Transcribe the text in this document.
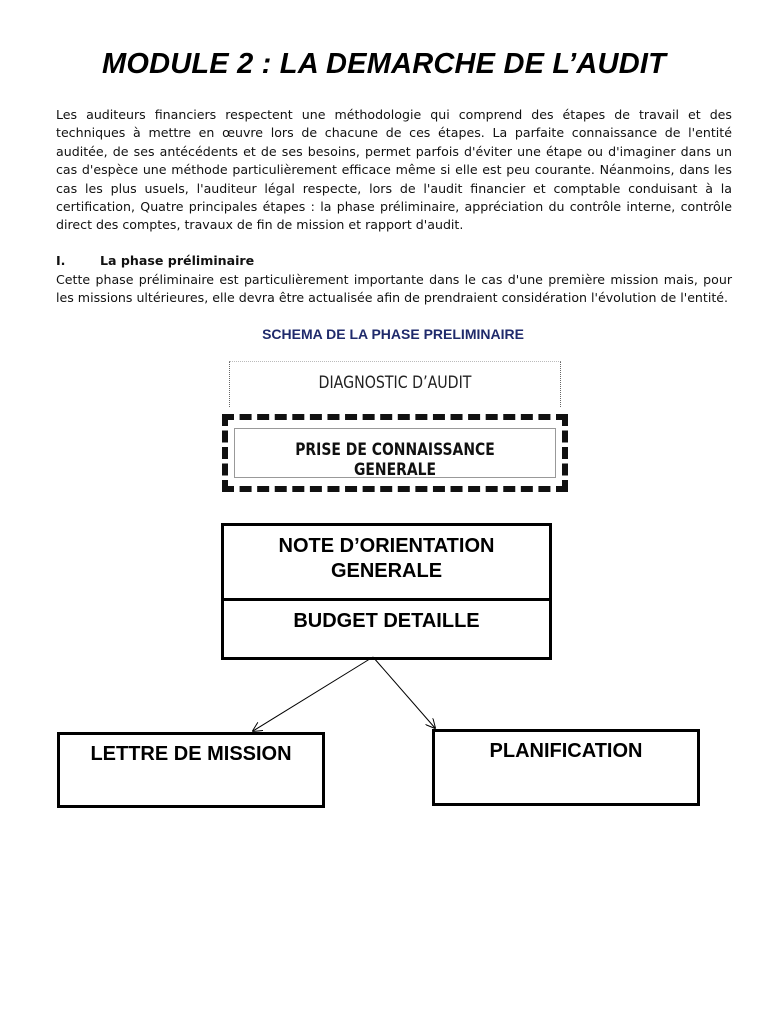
MODULE 2 : LA DEMARCHE DE L’AUDIT
Les auditeurs financiers respectent une méthodologie qui comprend des étapes de travail et des techniques à mettre en œuvre lors de chacune de ces étapes. La parfaite connaissance de l'entité auditée, de ses antécédents et de ses besoins, permet parfois d'éviter une étape ou d'imaginer dans un cas d'espèce une méthode particulièrement efficace même si elle est peu courante. Néanmoins, dans les cas les plus usuels, l'auditeur légal respecte, lors de l'audit financier et comptable conduisant à la certification, Quatre principales étapes : la phase préliminaire, appréciation du contrôle interne, contrôle direct des comptes, travaux de fin de mission et rapport d'audit.
I.	La phase préliminaire
Cette phase préliminaire est particulièrement importante dans le cas d'une première mission mais, pour les missions ultérieures, elle devra être actualisée afin de prendraient considération l'évolution de l'entité.
SCHEMA DE LA PHASE PRELIMINAIRE
DIAGNOSTIC D’AUDIT
PRISE DE CONNAISSANCE GENERALE
NOTE D’ORIENTATION
GENERALE
BUDGET DETAILLE
LETTRE DE MISSION	PLANIFICATION
